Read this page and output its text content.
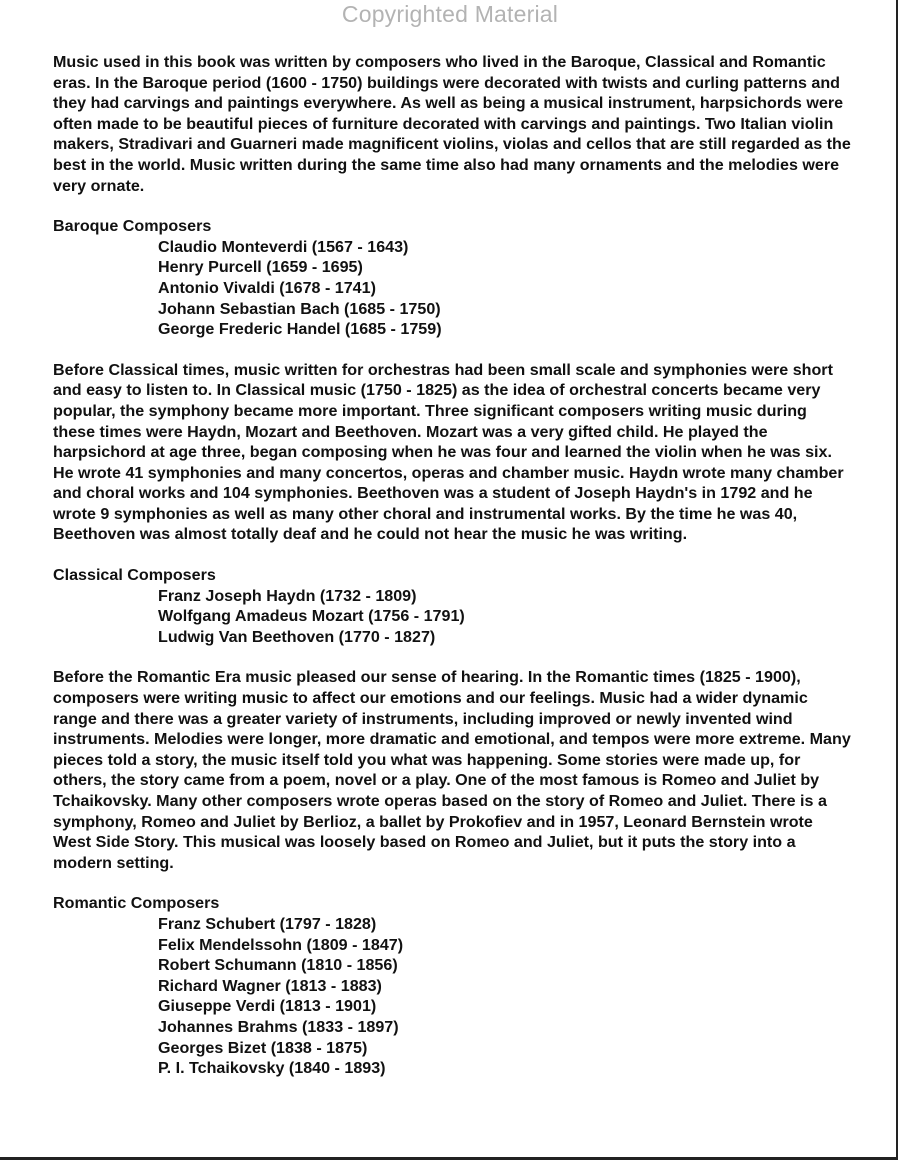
Copyrighted Material

Music used in this book was written by composers who lived in the Baroque, Classical and Romantic eras. In the Baroque period (1600 - 1750) buildings were decorated with twists and curling patterns and they had carvings and paintings everywhere. As well as being a musical instrument, harpsichords were often made to be beautiful pieces of furniture decorated with carvings and paintings. Two Italian violin makers, Stradivari and Guarneri made magnificent violins, violas and cellos that are still regarded as the best in the world. Music written during the same time also had many ornaments and the melodies were very ornate.

Baroque Composers

Claudio Monteverdi (1567 - 1643)
Henry Purcell (1659 - 1695)
Antonio Vivaldi (1678 - 1741)
Johann Sebastian Bach (1685 - 1750)
George Frederic Handel (1685 - 1759)

Before Classical times, music written for orchestras had been small scale and symphonies were short and easy to listen to. In Classical music (1750 - 1825) as the idea of orchestral concerts became very popular, the symphony became more important. Three significant composers writing music during these times were Haydn, Mozart and Beethoven. Mozart was a very gifted child. He played the harpsichord at age three, began composing when he was four and learned the violin when he was six. He wrote 41 symphonies and many concertos, operas and chamber music. Haydn wrote many chamber and choral works and 104 symphonies. Beethoven was a student of Joseph Haydn's in 1792 and he wrote 9 symphonies as well as many other choral and instrumental works. By the time he was 40, Beethoven was almost totally deaf and he could not hear the music he was writing.

Classical Composers

Franz Joseph Haydn (1732 - 1809)
Wolfgang Amadeus Mozart (1756 - 1791)
Ludwig Van Beethoven (1770 - 1827)

Before the Romantic Era music pleased our sense of hearing. In the Romantic times (1825 - 1900), composers were writing music to affect our emotions and our feelings. Music had a wider dynamic range and there was a greater variety of instruments, including improved or newly invented wind instruments. Melodies were longer, more dramatic and emotional, and tempos were more extreme. Many pieces told a story, the music itself told you what was happening. Some stories were made up, for others, the story came from a poem, novel or a play. One of the most famous is Romeo and Juliet by Tchaikovsky. Many other composers wrote operas based on the story of Romeo and Juliet. There is a symphony, Romeo and Juliet by Berlioz, a ballet by Prokofiev and in 1957, Leonard Bernstein wrote West Side Story. This musical was loosely based on Romeo and Juliet, but it puts the story into a modern setting.

Romantic Composers

Franz Schubert (1797 - 1828)
Felix Mendelssohn (1809 - 1847)
Robert Schumann (1810 - 1856)
Richard Wagner (1813 - 1883)
Giuseppe Verdi (1813 - 1901)
Johannes Brahms (1833 - 1897)
Georges Bizet (1838 - 1875)
P. I. Tchaikovsky (1840 - 1893)
